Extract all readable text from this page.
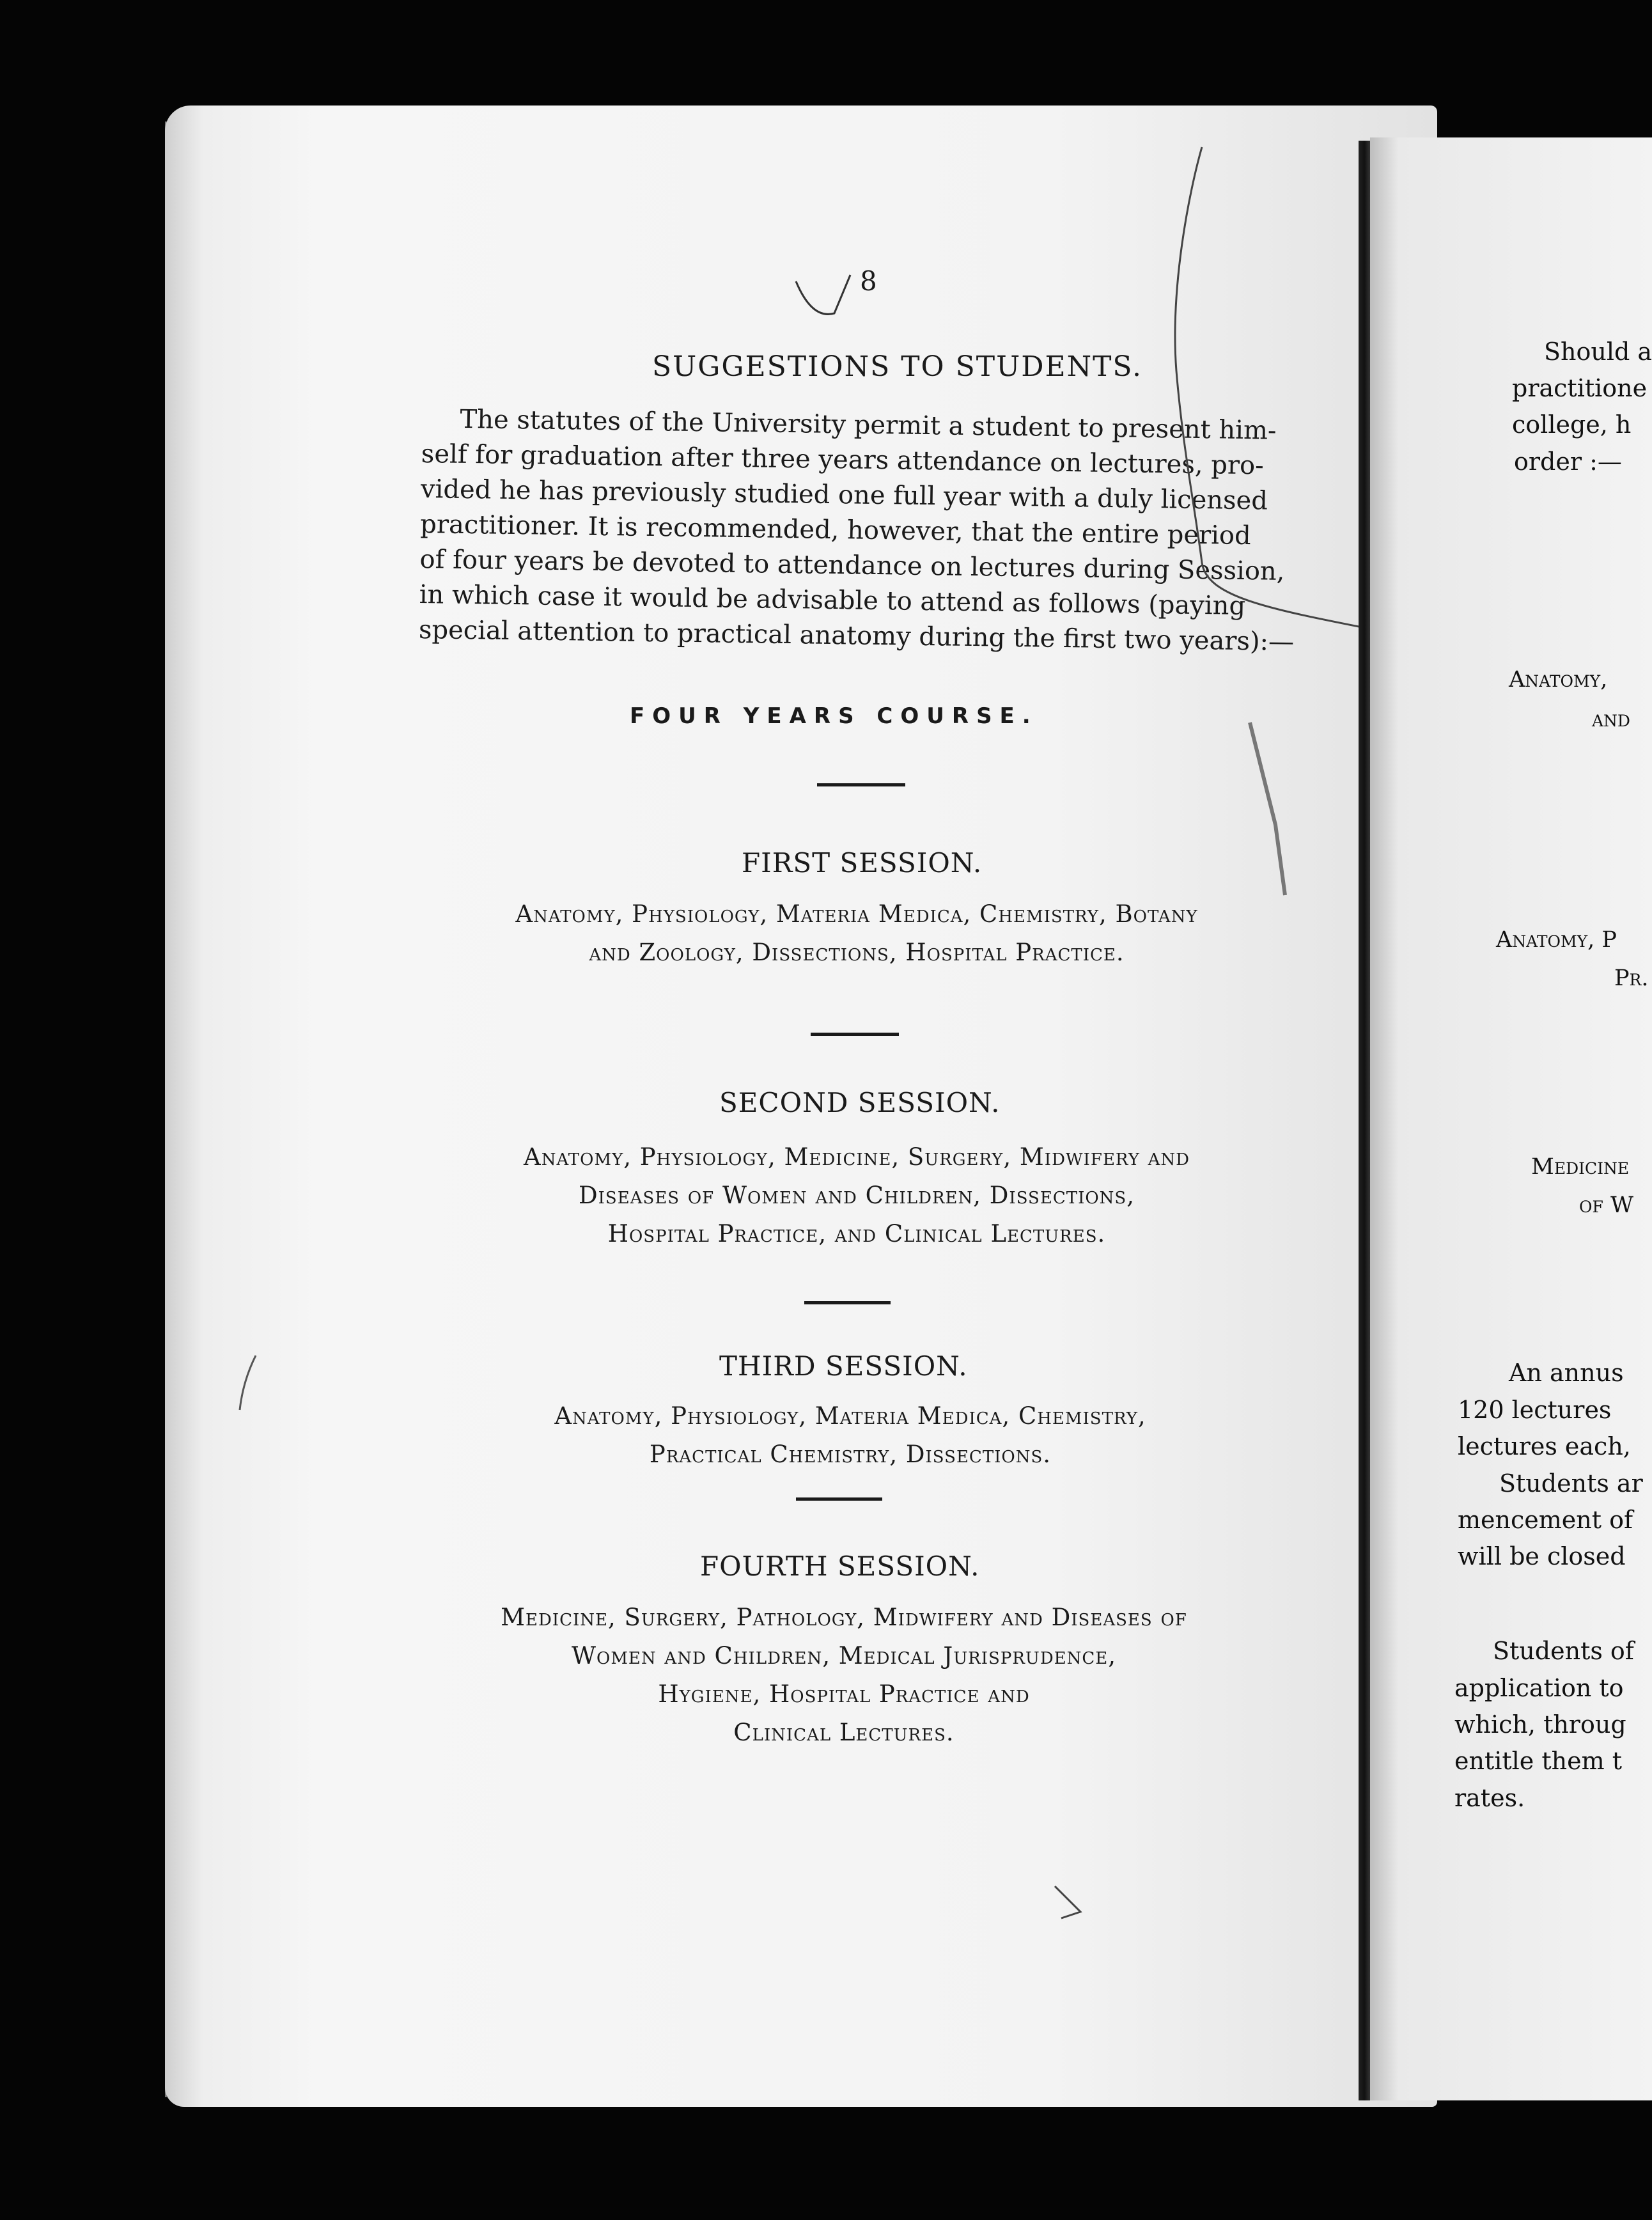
8
SUGGESTIONS TO STUDENTS.

The statutes of the University permit a student to present him-

self for graduation after three years attendance on lectures, pro-
vided he has previously studied one full year with a duly licensed
practitioner. It is recommended, however, that the entire period
of four years be devoted to attendance on lectures during Session,
in which case it would be advisable to attend as follows (paying
special attention to practical anatomy during the first two years):—
FOUR YEARS COURSE.
FIRST SESSION.
Anatomy, Physiology, Materia Medica, Chemistry, Botany
and Zoology, Dissections, Hospital Practice.
SECOND SESSION.
Anatomy, Physiology, Medicine, Surgery, Midwifery and
Diseases of Women and Children, Dissections,
Hospital Practice, and Clinical Lectures.
THIRD SESSION.
Anatomy, Physiology, Materia Medica, Chemistry,
Practical Chemistry, Dissections.
FOURTH SESSION.
Medicine, Surgery, Pathology, Midwifery and Diseases of
Women and Children, Medical Jurisprudence,
Hygiene, Hospital Practice and
Clinical Lectures.
Should a
practitione
college, h
order :—
Anatomy,
and
Anatomy, P
Pr.
Medicine
of W
An annus
120 lectures
lectures each,
Students ar
mencement of
will be closed
Students of
application to
which, throug
entitle them t
rates.
